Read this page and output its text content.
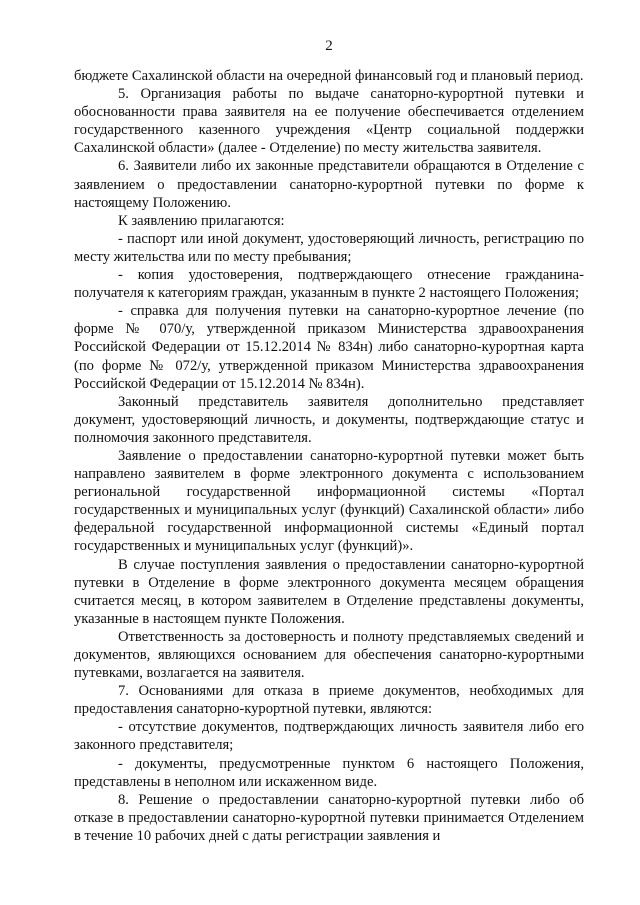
2

бюджете Сахалинской области на очередной финансовый год и плановый период.

5. Организация работы по выдаче санаторно-курортной путевки и обоснованности права заявителя на ее получение обеспечивается отделением государственного казенного учреждения «Центр социальной поддержки Сахалинской области» (далее - Отделение) по месту жительства заявителя.

6. Заявители либо их законные представители обращаются в Отделение с заявлением о предоставлении санаторно-курортной путевки по форме к настоящему Положению.

К заявлению прилагаются:

- паспорт или иной документ, удостоверяющий личность, регистрацию по месту жительства или по месту пребывания;

- копия удостоверения, подтверждающего отнесение гражданина-получателя к категориям граждан, указанным в пункте 2 настоящего Положения;

- справка для получения путевки на санаторно-курортное лечение (по форме № 070/у, утвержденной приказом Министерства здравоохранения Российской Федерации от 15.12.2014 № 834н) либо санаторно-курортная карта (по форме № 072/у, утвержденной приказом Министерства здравоохранения Российской Федерации от 15.12.2014 № 834н).

Законный представитель заявителя дополнительно представляет документ, удостоверяющий личность, и документы, подтверждающие статус и полномочия законного представителя.

Заявление о предоставлении санаторно-курортной путевки может быть направлено заявителем в форме электронного документа с использованием региональной государственной информационной системы «Портал государственных и муниципальных услуг (функций) Сахалинской области» либо федеральной государственной информационной системы «Единый портал государственных и муниципальных услуг (функций)».

В случае поступления заявления о предоставлении санаторно-курортной путевки в Отделение в форме электронного документа месяцем обращения считается месяц, в котором заявителем в Отделение представлены документы, указанные в настоящем пункте Положения.

Ответственность за достоверность и полноту представляемых сведений и документов, являющихся основанием для обеспечения санаторно-курортными путевками, возлагается на заявителя.

7. Основаниями для отказа в приеме документов, необходимых для предоставления санаторно-курортной путевки, являются:

- отсутствие документов, подтверждающих личность заявителя либо его законного представителя;

- документы, предусмотренные пунктом 6 настоящего Положения, представлены в неполном или искаженном виде.

8. Решение о предоставлении санаторно-курортной путевки либо об отказе в предоставлении санаторно-курортной путевки принимается Отделением в течение 10 рабочих дней с даты регистрации заявления и
